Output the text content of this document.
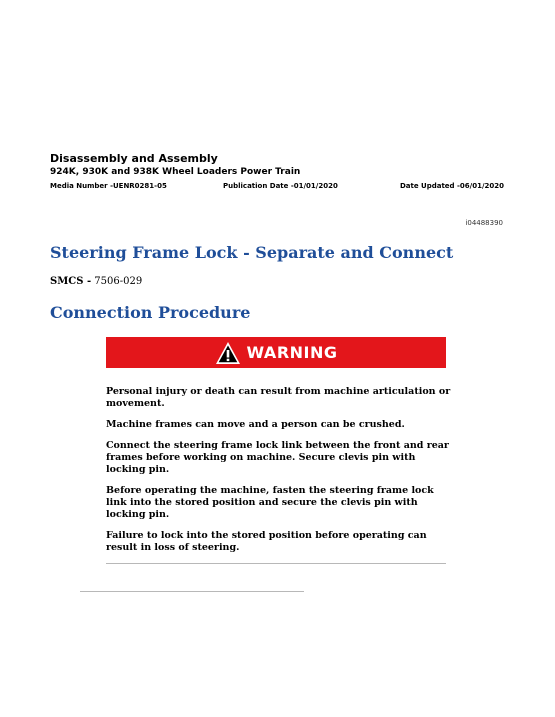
Disassembly and Assembly
924K, 930K and 938K Wheel Loaders Power Train
Media Number -UENR0281-05	Publication Date -01/01/2020	Date Updated -06/01/2020
i04488390
Steering Frame Lock - Separate and Connect
SMCS - 7506-029
Connection Procedure
WARNING

Personal injury or death can result from machine articulation or movement.

Machine frames can move and a person can be crushed.

Connect the steering frame lock link between the front and rear frames before working on machine. Secure clevis pin with locking pin.

Before operating the machine, fasten the steering frame lock link into the stored position and secure the clevis pin with locking pin.

Failure to lock into the stored position before operating can result in loss of steering.
